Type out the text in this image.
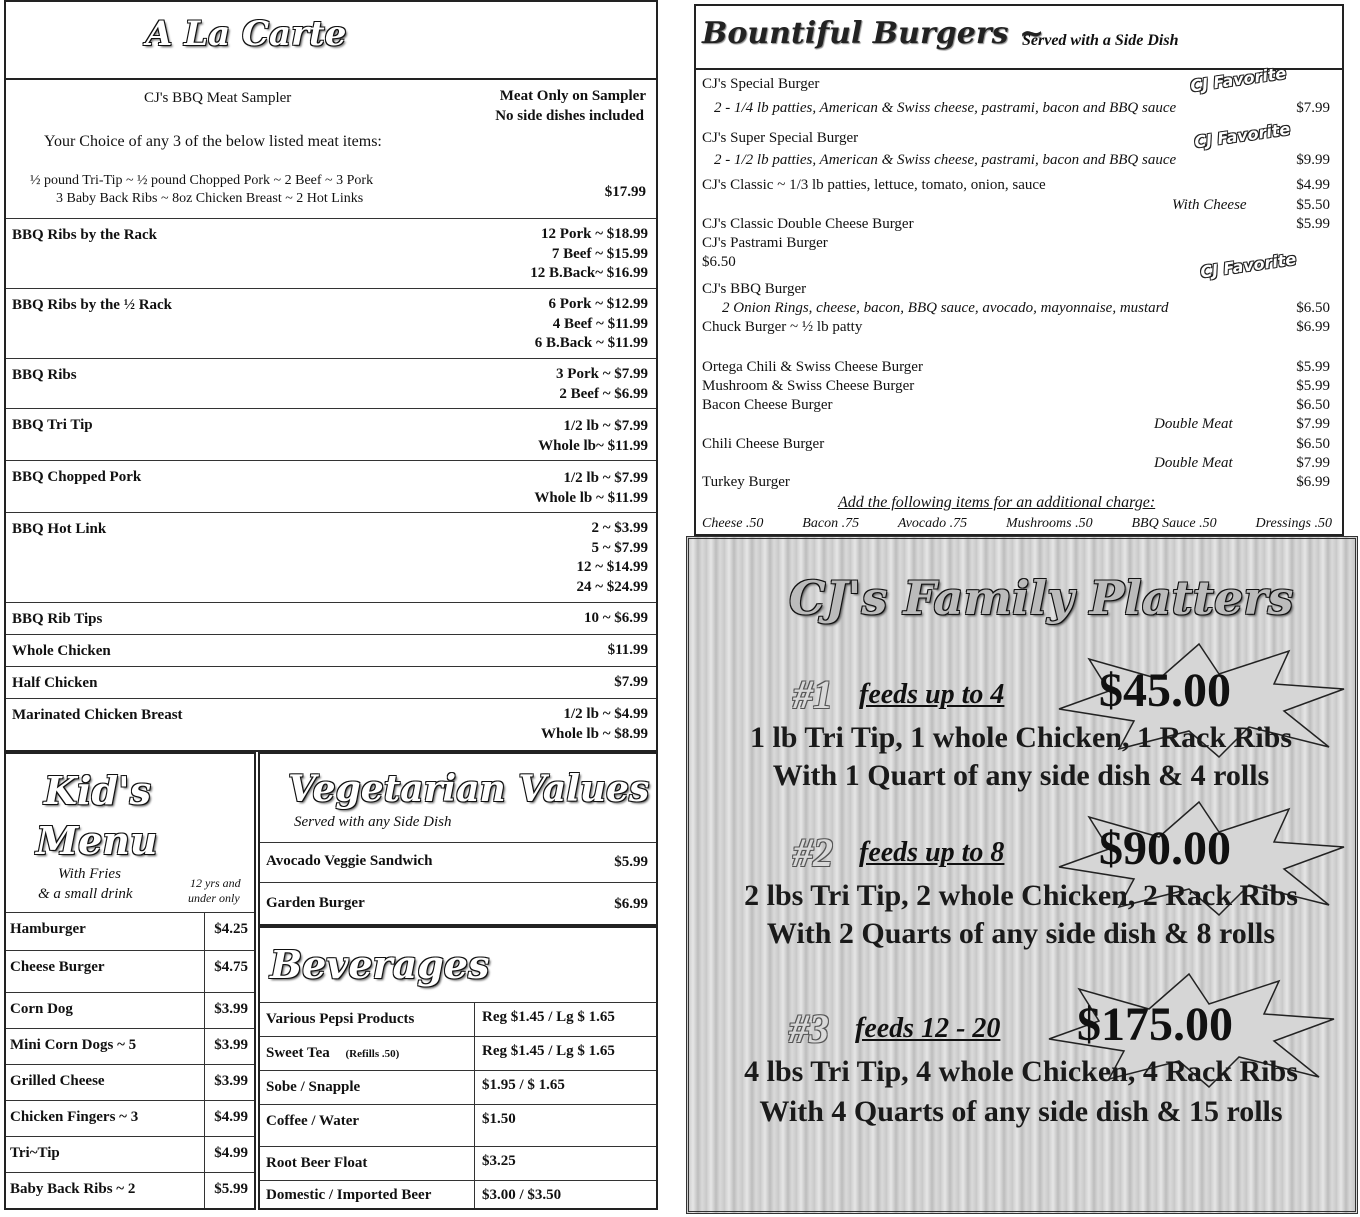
A La Carte
CJ's BBQ Meat Sampler	Meat Only on Sampler
No side dishes included
Your Choice of any 3 of the below listed meat items:
½ pound Tri-Tip ~ ½ pound Chopped Pork ~ 2 Beef ~ 3 Pork
3 Baby Back Ribs ~ 8oz Chicken Breast ~ 2 Hot Links	$17.99
BBQ Ribs by the Rack	12 Pork ~ $18.99
7 Beef ~ $15.99
12 B.Back~ $16.99
BBQ Ribs by the ½ Rack	6 Pork ~ $12.99
4 Beef ~ $11.99
6 B.Back ~ $11.99
BBQ Ribs	3 Pork ~ $7.99
2 Beef ~ $6.99
BBQ Tri Tip	1/2 lb ~ $7.99
Whole lb~ $11.99
BBQ Chopped Pork	1/2 lb ~ $7.99
Whole lb ~ $11.99
BBQ Hot Link	2 ~ $3.99
5 ~ $7.99
12 ~ $14.99
24 ~ $24.99
BBQ Rib Tips	10 ~ $6.99
Whole Chicken	$11.99
Half Chicken	$7.99
Marinated Chicken Breast	1/2 lb ~ $4.99
Whole lb ~ $8.99
Kid's
Menu
With Fries
& a small drink
12 yrs and
under only
Hamburger	$4.25
Cheese Burger	$4.75
Corn Dog	$3.99
Mini Corn Dogs ~ 5	$3.99
Grilled Cheese	$3.99
Chicken Fingers ~ 3	$4.99
Tri~Tip	$4.99
Baby Back Ribs ~ 2	$5.99
Vegetarian Values
Served with any Side Dish
Avocado Veggie Sandwich	$5.99
Garden Burger	$6.99
Beverages
Various Pepsi Products	Reg $1.45 / Lg $ 1.65
Sweet Tea (Refills .50)	Reg $1.45 / Lg $ 1.65
Sobe / Snapple	$1.95 / $ 1.65
Coffee / Water	$1.50
Root Beer Float	$3.25
Domestic / Imported Beer	$3.00 / $3.50
Bountiful Burgers ~
Served with a Side Dish
CJ's Special Burger	CJ Favorite
2 - 1/4 lb patties, American & Swiss cheese, pastrami, bacon and BBQ sauce	$7.99
CJ's Super Special Burger	CJ Favorite
2 - 1/2 lb patties, American & Swiss cheese, pastrami, bacon and BBQ sauce	$9.99
CJ's Classic ~ 1/3 lb patties, lettuce, tomato, onion, sauce	$4.99
With Cheese	$5.50
CJ's Classic Double Cheese Burger	$5.99
CJ's Pastrami Burger
$6.50	CJ Favorite
CJ's BBQ Burger
2 Onion Rings, cheese, bacon, BBQ sauce, avocado, mayonnaise, mustard	$6.50
Chuck Burger ~ ½ lb patty	$6.99
Ortega Chili & Swiss Cheese Burger	$5.99
Mushroom & Swiss Cheese Burger	$5.99
Bacon Cheese Burger	$6.50
Double Meat	$7.99
Chili Cheese Burger	$6.50
Double Meat	$7.99
Turkey Burger	$6.99
Add the following items for an additional charge:
Cheese .50	Bacon .75	Avocado .75	Mushrooms .50	BBQ Sauce .50	Dressings .50
CJ's Family Platters
#1 feeds up to 4 $45.00
1 lb Tri Tip, 1 whole Chicken, 1 Rack Ribs
With 1 Quart of any side dish & 4 rolls
#2 feeds up to 8 $90.00
2 lbs Tri Tip, 2 whole Chicken, 2 Rack Ribs
With 2 Quarts of any side dish & 8 rolls
#3 feeds 12 - 20 $175.00
4 lbs Tri Tip, 4 whole Chicken, 4 Rack Ribs
With 4 Quarts of any side dish & 15 rolls
